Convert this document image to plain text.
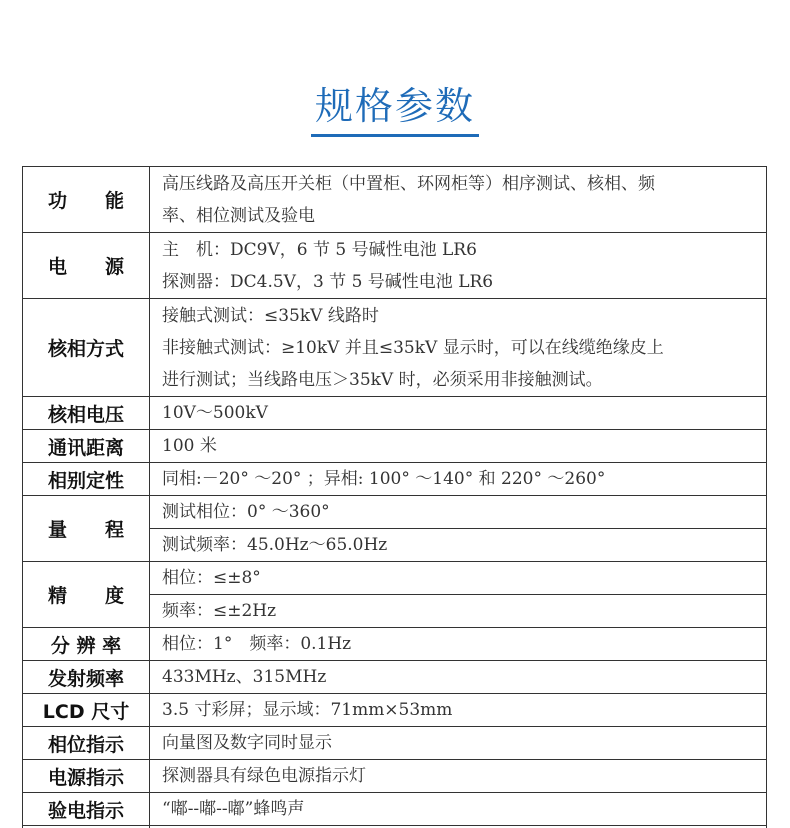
规格参数
功　　能	高压线路及高压开关柜（中置柜、环网柜等）相序测试、核相、频
率、相位测试及验电

电　　源	主　机：DC9V，6 节 5 号碱性电池 LR6
探测器：DC4.5V，3 节 5 号碱性电池 LR6

核相方式	接触式测试：≤35kV 线路时
非接触式测试：≥10kV 并且≤35kV 显示时，可以在线缆绝缘皮上
进行测试；当线路电压＞35kV 时，必须采用非接触测试。

核相电压	10V～500kV

通讯距离	100 米

相别定性	同相:－20° ～20° ；异相: 100° ～140° 和 220° ～260°

量　　程	测试相位：0° ～360°
测试频率：45.0Hz～65.0Hz

精　　度	相位：≤±8°
频率：≤±2Hz

分 辨 率	相位：1°　频率：0.1Hz

发射频率	433MHz、315MHz

LCD 尺寸	3.5 寸彩屏；显示域：71mm×53mm

相位指示	向量图及数字同时显示

电源指示	探测器具有绿色电源指示灯

验电指示	“嘟--嘟--嘟”蜂鸣声
